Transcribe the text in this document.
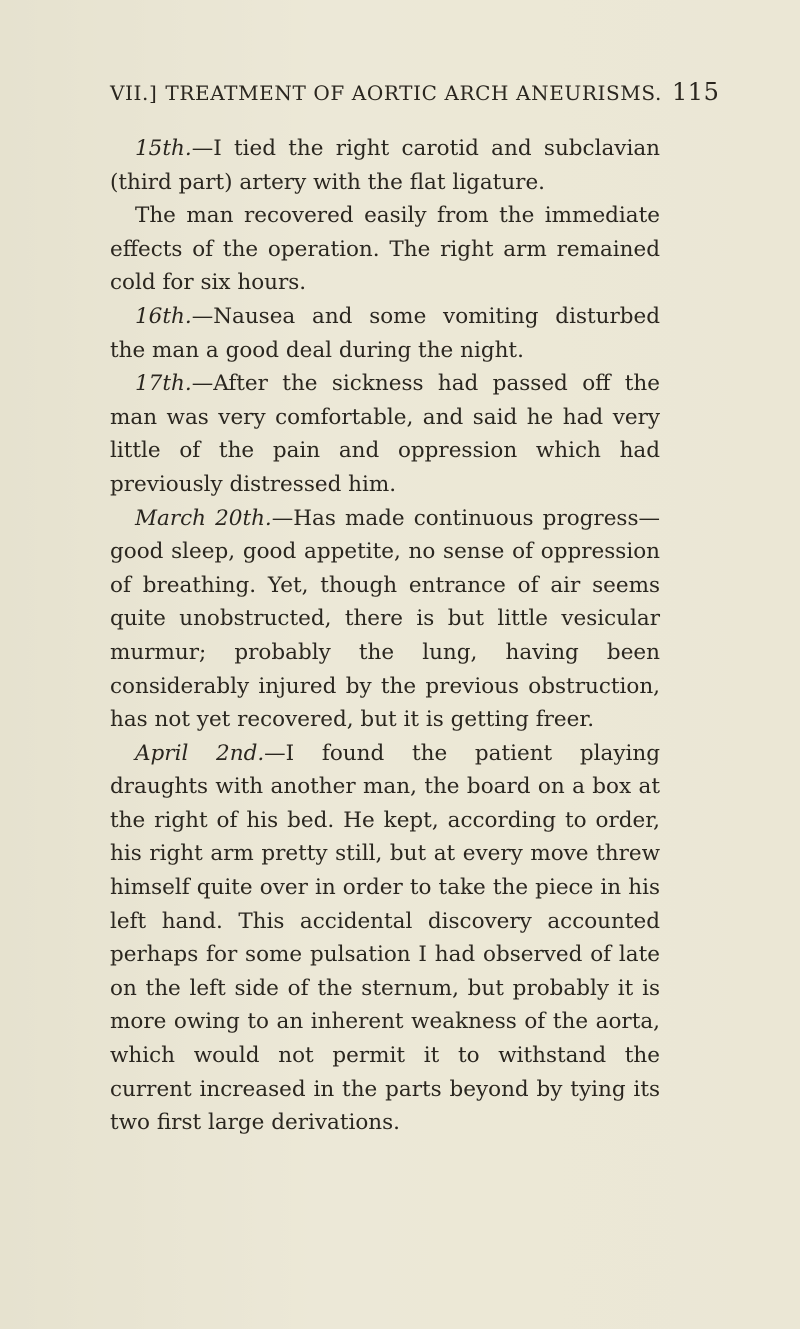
VII.] TREATMENT OF AORTIC ARCH ANEURISMS. 115

15th.—I tied the right carotid and subclavian (third part) artery with the flat ligature.

The man recovered easily from the immediate effects of the operation. The right arm remained cold for six hours.

16th.—Nausea and some vomiting disturbed the man a good deal during the night.

17th.—After the sickness had passed off the man was very comfortable, and said he had very little of the pain and oppression which had previously distressed him.

March 20th.—Has made continuous progress— good sleep, good appetite, no sense of oppression of breathing. Yet, though entrance of air seems quite unobstructed, there is but little vesicular murmur; probably the lung, having been considerably injured by the previous obstruction, has not yet recovered, but it is getting freer.

April 2nd.—I found the patient playing draughts with another man, the board on a box at the right of his bed. He kept, according to order, his right arm pretty still, but at every move threw himself quite over in order to take the piece in his left hand. This accidental discovery accounted perhaps for some pulsation I had observed of late on the left side of the sternum, but probably it is more owing to an inherent weakness of the aorta, which would not permit it to withstand the current increased in the parts beyond by tying its two first large derivations.
